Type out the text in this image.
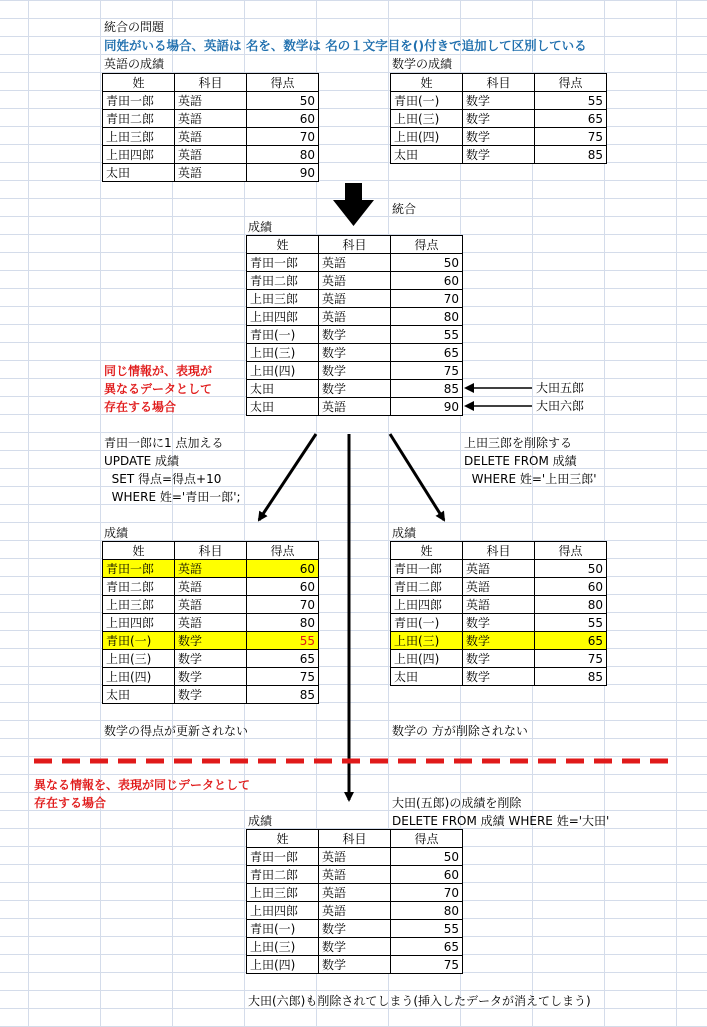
統合の問題
同姓がいる場合、英語は 名を、数学は 名の１文字目を()付きで追加して区別している
英語の成績
姓	科目	得点
青田一郎	英語	50
青田二郎	英語	60
上田三郎	英語	70
上田四郎	英語	80
太田	英語	90
数学の成績
姓	科目	得点
青田(一)	数学	55
上田(三)	数学	65
上田(四)	数学	75
太田	数学	85
統合
成績
姓	科目	得点
青田一郎	英語	50
青田二郎	英語	60
上田三郎	英語	70
上田四郎	英語	80
青田(一)	数学	55
上田(三)	数学	65
上田(四)	数学	75
太田	数学	85
太田	英語	90
大田五郎
大田六郎
同じ情報が、表現が
異なるデータとして
存在する場合
青田一郎に1 点加える
UPDATE 成績
SET 得点=得点+10
WHERE 姓='青田一郎';
成績
姓	科目	得点
青田一郎	英語	60
青田二郎	英語	60
上田三郎	英語	70
上田四郎	英語	80
青田(一)	数学	55
上田(三)	数学	65
上田(四)	数学	75
太田	数学	85
数学の得点が更新されない
上田三郎を削除する
DELETE FROM 成績
WHERE 姓='上田三郎'
成績
姓	科目	得点
青田一郎	英語	50
青田二郎	英語	60
上田四郎	英語	80
青田(一)	数学	55
上田(三)	数学	65
上田(四)	数学	75
太田	数学	85
数学の 方が削除されない
異なる情報を、表現が同じデータとして
存在する場合	大田(五郎)の成績を削除
DELETE FROM 成績 WHERE 姓='大田'
成績
姓	科目	得点
青田一郎	英語	50
青田二郎	英語	60
上田三郎	英語	70
上田四郎	英語	80
青田(一)	数学	55
上田(三)	数学	65
上田(四)	数学	75
大田(六郎)も削除されてしまう(挿入したデータが消えてしまう)
